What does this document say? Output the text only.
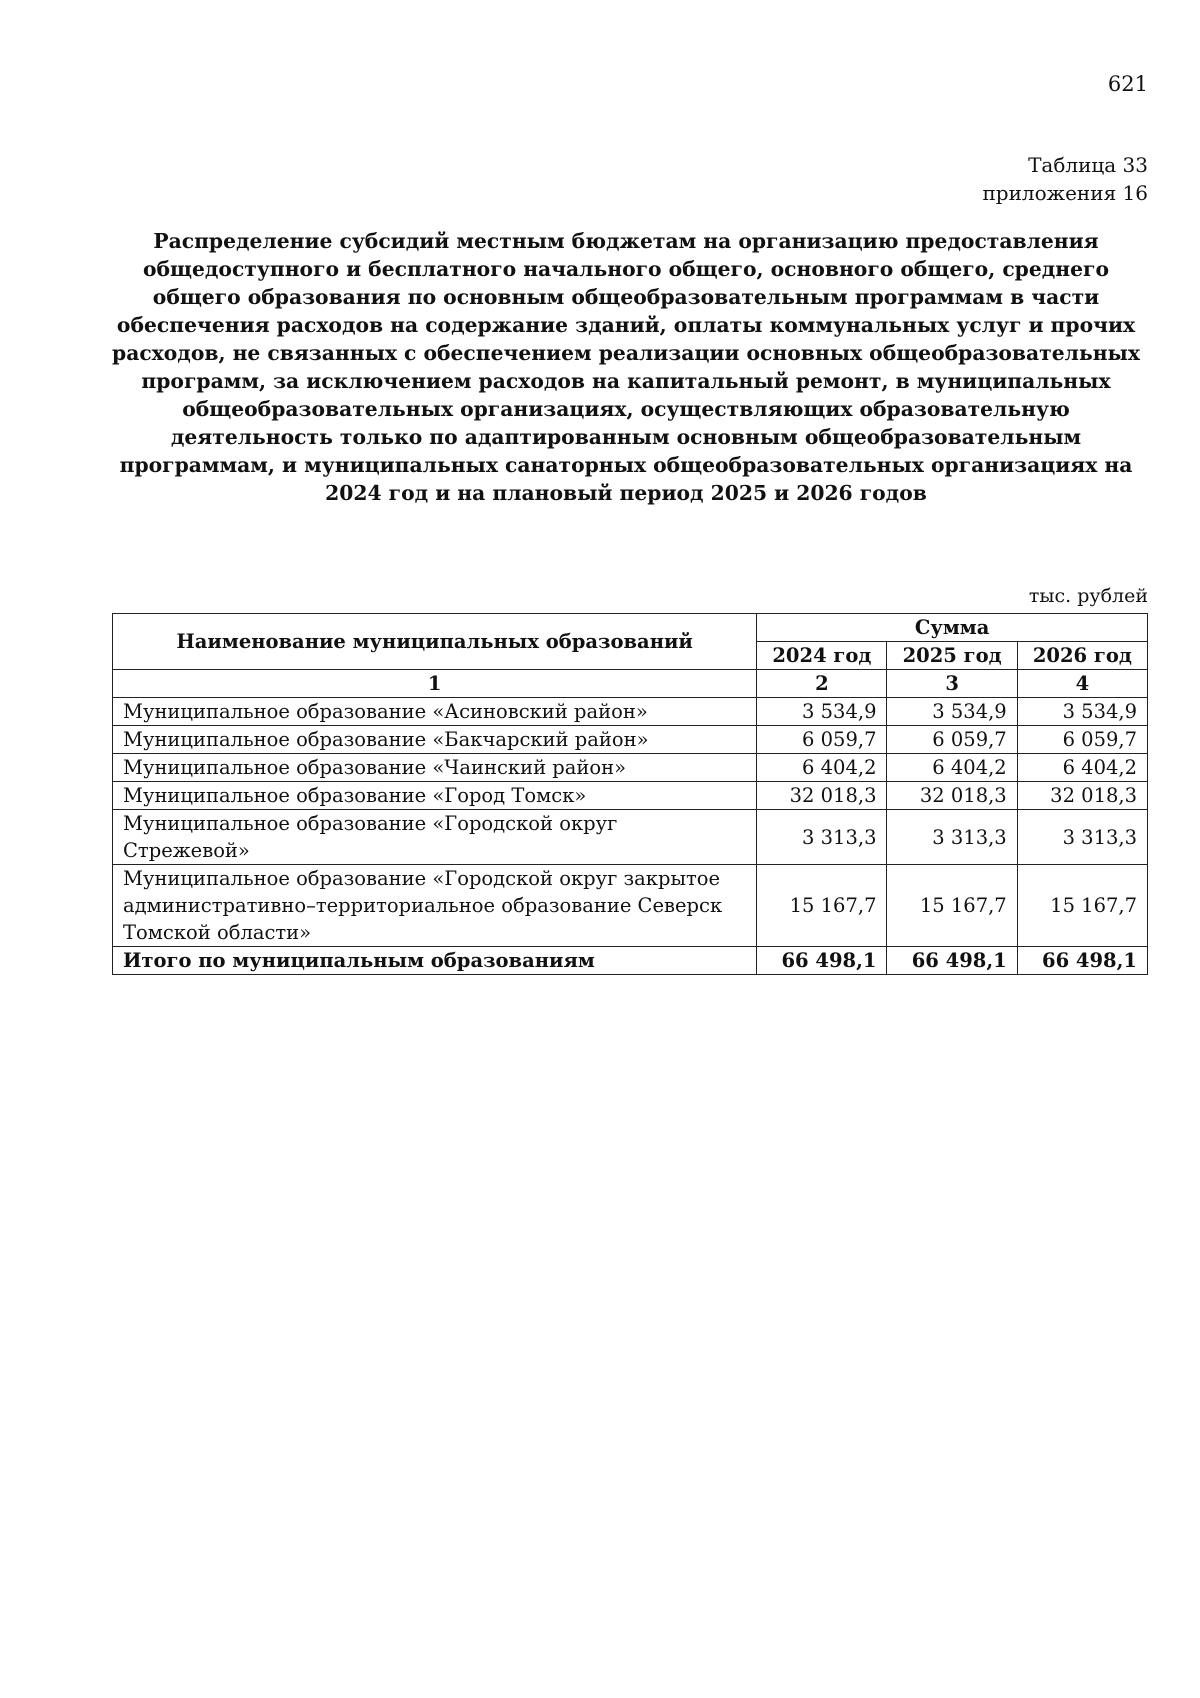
621
Таблица 33
приложения 16
Распределение субсидий местным бюджетам на организацию предоставления
общедоступного и бесплатного начального общего, основного общего, среднего
общего образования по основным общеобразовательным программам в части
обеспечения расходов на содержание зданий, оплаты коммунальных услуг и прочих
расходов, не связанных с обеспечением реализации основных общеобразовательных
программ, за исключением расходов на капитальный ремонт, в муниципальных
общеобразовательных организациях, осуществляющих образовательную
деятельность только по адаптированным основным общеобразовательным
программам, и муниципальных санаторных общеобразовательных организациях на
2024 год и на плановый период 2025 и 2026 годов
тыс. рублей
Наименование муниципальных образований	Сумма		
	2024 год	2025 год	2026 год
1	2	3	4
Муниципальное образование «Асиновский район»	3 534,9	3 534,9	3 534,9
Муниципальное образование «Бакчарский район»	6 059,7	6 059,7	6 059,7
Муниципальное образование «Чаинский район»	6 404,2	6 404,2	6 404,2
Муниципальное образование «Город Томск»	32 018,3	32 018,3	32 018,3
Муниципальное образование «Городской округ Стрежевой»	3 313,3	3 313,3	3 313,3
Муниципальное образование «Городской округ закрытое административно–территориальное образование Северск Томской области»	15 167,7	15 167,7	15 167,7
Итого по муниципальным образованиям	66 498,1	66 498,1	66 498,1
